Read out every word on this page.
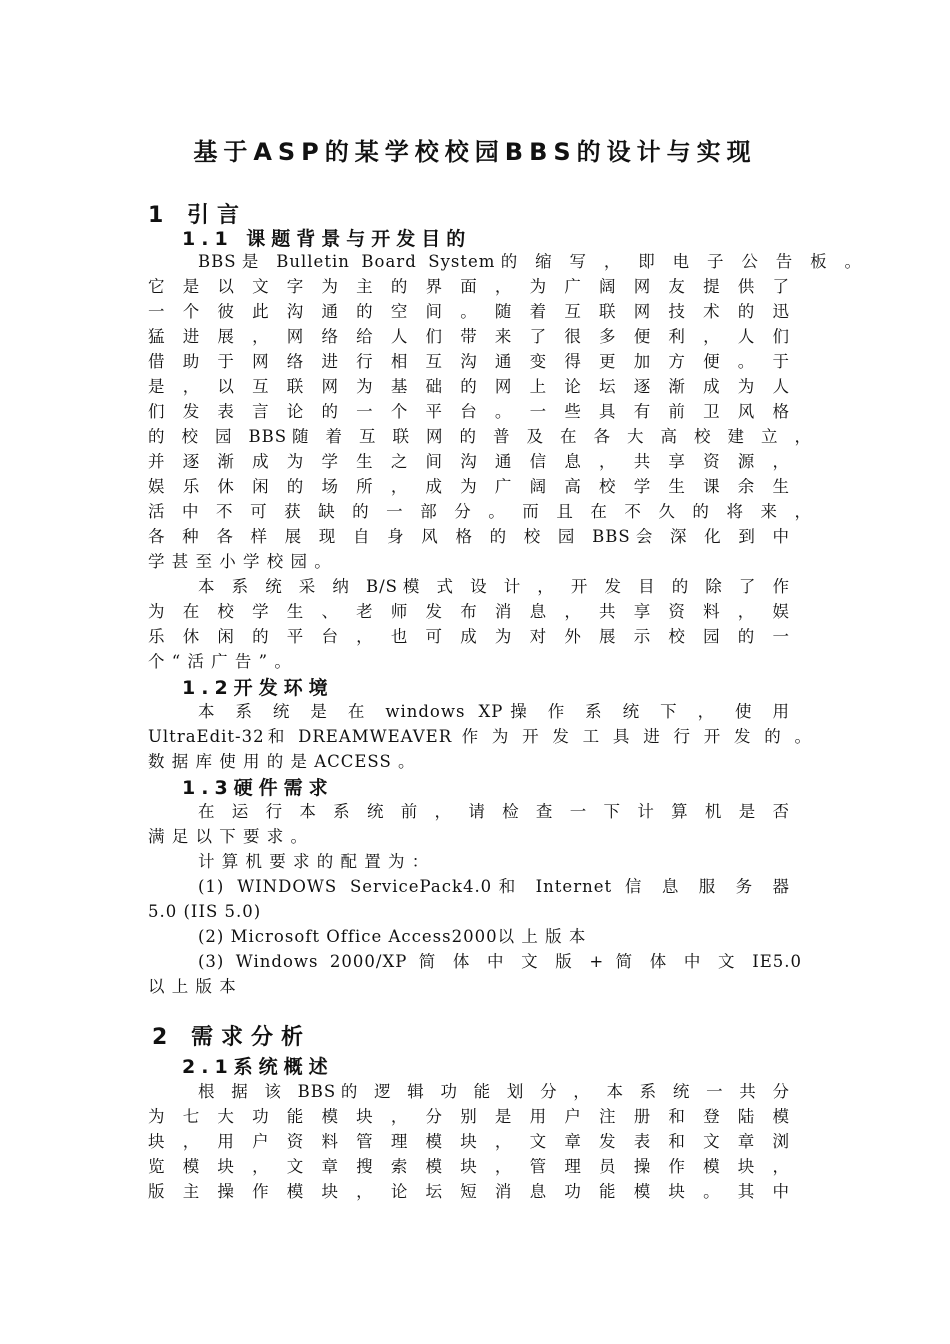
基于ASP的某学校校园BBS的设计与实现
1 引言
1.1 课题背景与开发目的
BBS是 Bulletin Board System的 缩 写 ， 即 电 子 公 告 板 。
它 是 以 文 字 为 主 的 界 面 ， 为 广 阔 网 友 提 供 了
一 个 彼 此 沟 通 的 空 间 。 随 着 互 联 网 技 术 的 迅
猛 进 展 ， 网 络 给 人 们 带 来 了 很 多 便 利 ， 人 们
借 助 于 网 络 进 行 相 互 沟 通 变 得 更 加 方 便 。 于
是 ， 以 互 联 网 为 基 础 的 网 上 论 坛 逐 渐 成 为 人
们 发 表 言 论 的 一 个 平 台 。 一 些 具 有 前 卫 风 格
的 校 园 BBS随 着 互 联 网 的 普 及 在 各 大 高 校 建 立 ，
并 逐 渐 成 为 学 生 之 间 沟 通 信 息 ， 共 享 资 源 ，
娱 乐 休 闲 的 场 所 ， 成 为 广 阔 高 校 学 生 课 余 生
活 中 不 可 获 缺 的 一 部 分 。 而 且 在 不 久 的 将 来 ，
各 种 各 样 展 现 自 身 风 格 的 校 园 BBS会 深 化 到 中
学 甚 至 小 学 校 园 。
本 系 统 采 纳 B/S模 式 设 计 ， 开 发 目 的 除 了 作
为 在 校 学 生 、 老 师 发 布 消 息 ， 共 享 资 料 ， 娱
乐 休 闲 的 平 台 ， 也 可 成 为 对 外 展 示 校 园 的 一
个 “ 活 广 告 ” 。
1.2开发环境
本 系 统 是 在 windows XP操 作 系 统 下 ， 使 用
UltraEdit-32和 DREAMWEAVER 作 为 开 发 工 具 进 行 开 发 的 。
数 据 库 使 用 的 是 ACCESS 。
1.3硬件需求
在 运 行 本 系 统 前 ， 请 检 查 一 下 计 算 机 是 否
满 足 以 下 要 求 。
计 算 机 要 求 的 配 置 为 ：
(1) WINDOWS ServicePack4.0和 Internet 信 息 服 务 器
5.0 (IIS 5.0)
(2) Microsoft Office Access2000以 上 版 本
(3) Windows 2000/XP 简 体 中 文 版 + 简 体 中 文 IE5.0
以 上 版 本
2 需求分析
2.1系统概述
根 据 该 BBS的 逻 辑 功 能 划 分 ， 本 系 统 一 共 分
为 七 大 功 能 模 块 ， 分 别 是 用 户 注 册 和 登 陆 模
块 ， 用 户 资 料 管 理 模 块 ， 文 章 发 表 和 文 章 浏
览 模 块 ， 文 章 搜 索 模 块 ， 管 理 员 操 作 模 块 ，
版 主 操 作 模 块 ， 论 坛 短 消 息 功 能 模 块 。 其 中
